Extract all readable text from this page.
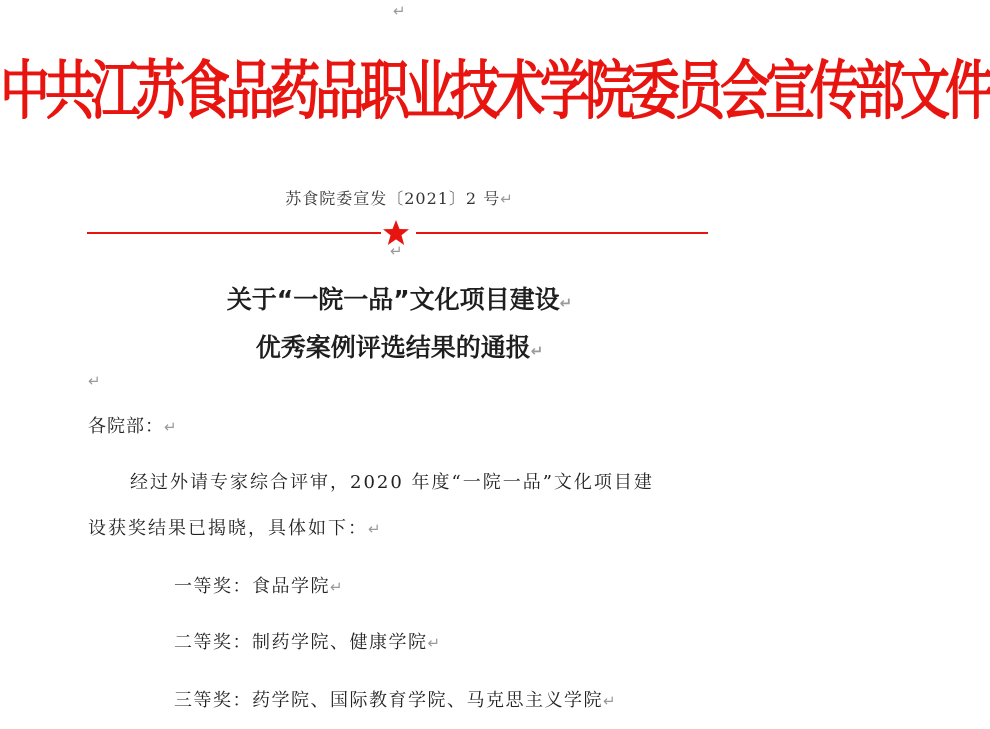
↵
中共江苏食品药品职业技术学院委员会宣传部文件
苏食院委宣发〔2021〕2 号↵
↵
关于“一院一品”文化项目建设↵
优秀案例评选结果的通报↵
↵
各院部：↵
经过外请专家综合评审，2020 年度“一院一品”文化项目建
设获奖结果已揭晓，具体如下：↵
一等奖：食品学院↵
二等奖：制药学院、健康学院↵
三等奖：药学院、国际教育学院、马克思主义学院↵
